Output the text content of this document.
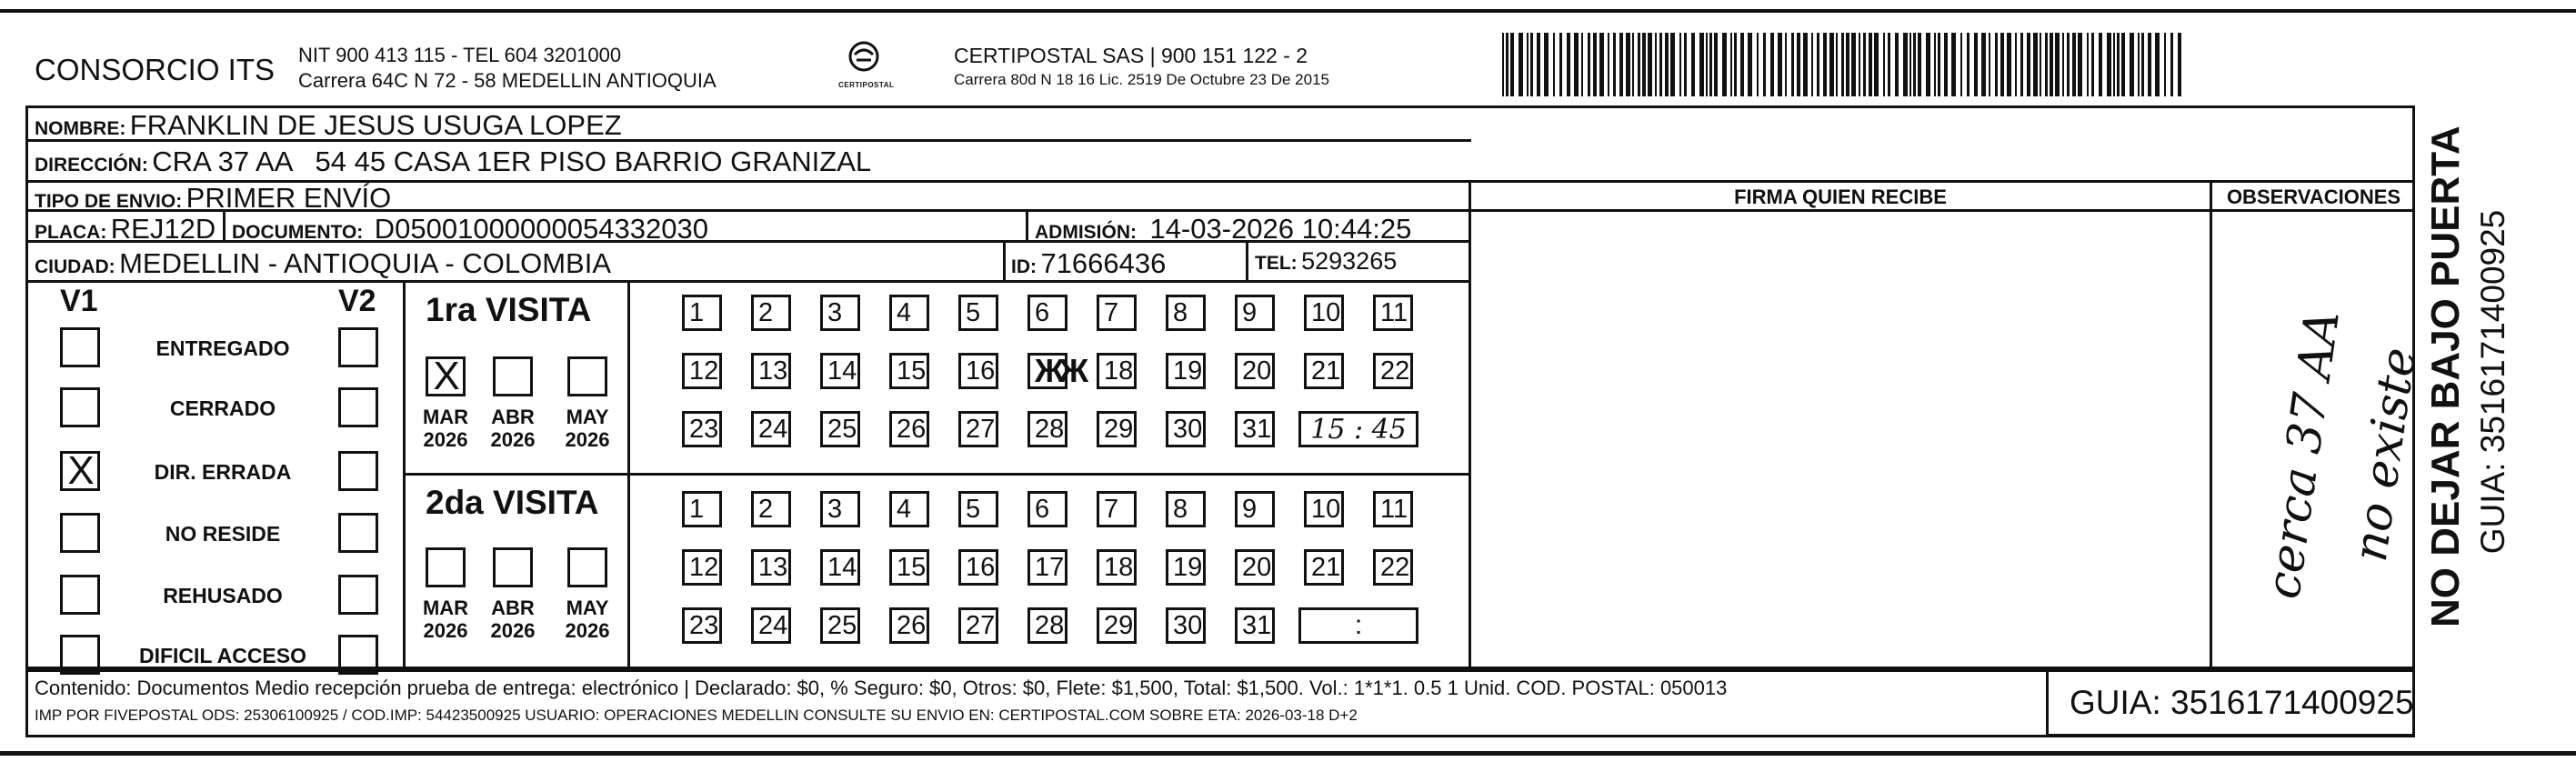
CONSORCIO ITS NIT 900 413 115 - TEL 604 3201000
Carrera 64C N 72 - 58 MEDELLIN ANTIOQUIA	CERTIPOSTAL
CERTIPOSTAL SAS | 900 151 122 - 2
Carrera 80d N 18 16 Lic. 2519 De Octubre 23 De 2015
NOMBRE: FRANKLIN DE JESUS USUGA LOPEZ
DIRECCIÓN: CRA 37 AA   54 45 CASA 1ER PISO BARRIO GRANIZAL
TIPO DE ENVIO: PRIMER ENVÍO
PLACA: REJ12D DOCUMENTO: D05001000000054332030	ADMISIÓN: 14-03-2026 10:44:25
CIUDAD: MEDELLIN - ANTIOQUIA - COLOMBIA	ID: 71666436	TEL: 5293265
FIRMA QUIEN RECIBE	OBSERVACIONES
V1	V2
ENTREGADO
CERRADO
X	DIR. ERRADA
NO RESIDE
REHUSADO
DIFICIL ACCESO
1ra VISITA
X
MAR
2026
ABR
2026
MAY
2026
1 2 3 4 5 6 7 8 9 10 11
12 13 14 15 16 ЖЖ 18 19 20 21 22
23 24 25 26 27 28 29 30 31 15 : 45
2da VISITA
MAR
2026
ABR
2026
MAY
2026
1 2 3 4 5 6 7 8 9 10 11
12 13 14 15 16 17 18 19 20 21 22
23 24 25 26 27 28 29 30 31	:
cerca 37 AA
no existe
Contenido: Documentos Medio recepción prueba de entrega: electrónico | Declarado: $0, % Seguro: $0, Otros: $0, Flete: $1,500, Total: $1,500. Vol.: 1*1*1. 0.5 1 Unid. COD. POSTAL: 050013
IMP POR FIVEPOSTAL ODS: 25306100925 / COD.IMP: 54423500925 USUARIO: OPERACIONES MEDELLIN CONSULTE SU ENVIO EN: CERTIPOSTAL.COM SOBRE ETA: 2026-03-18 D+2	GUIA: 3516171400925
NO DEJAR BAJO PUERTA GUIA: 3516171400925
